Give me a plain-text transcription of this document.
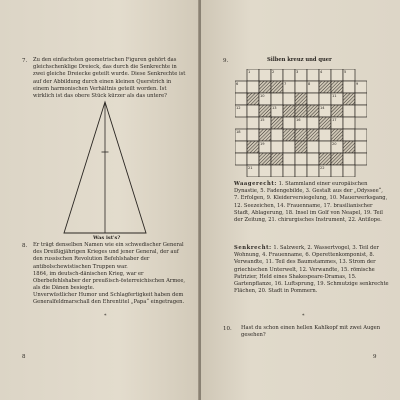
7. Zu den einfachsten geometrischen Figuren gehört das gleichschenklige Dreieck, das durch die Senkrechte in zwei gleiche Dreiecke geteilt wurde. Diese Senkrechte ist auf der Abbildung durch einen kleinen Querstrich in einem harmonischen Verhältnis geteilt worden. Ist wirklich ist das obere Stück kürzer als das untere?

Was ist's?
8. Er trägt denselben Namen wie ein schwedischer General des Dreißigjährigen Krieges und jener General, der auf den russischen Revolution Befehlshaber der antibolschewistischen Truppen war.

1864, im deutsch-dänischen Krieg, war er Oberbefehlshaber der preußisch-österreichischen Armee, als die Dänen besiegte.

Unverwüstlicher Humor und Schlagfertigkeit haben dem Generalfeldmarschall den Ehrentitel „Papa“ eingetragen.

*
8
9.	Silben kreuz und quer
1	2	3	4	5
6	7	8	9
10	11
12	13	14
15	16	17
18
19	20
21	22

Waagerecht: 1. Stammland einer europäischen Dynastie, 5. Fadengebilde, 3. Gestalt aus der „Odyssee“, 7. Erfolgen, 9. Kleiderversiegelung, 10. Mauerwerksgang, 12. Seezeichen, 14. Frauenname, 17. brasilianischer Stadt, Ablagerung, 18. Insel im Golf von Neapel, 19. Teil der Zeitung, 21. chirurgisches Instrument, 22. Antilope.

Senkrecht: 1. Salzwerk, 2. Wassertvogel, 3. Teil der Wohnung, 4. Frauenname, 6. Operettenkomponist, 8. Verwandte, 11. Teil des Baumstammes, 13. Strom der griechischen Unterwelt, 12. Verwandte, 15. römische Patrizier, Held eines Shakespeare-Dramas, 15. Gartenpflanze, 16. Luftsprung, 19. Schmutzige senkrechte Flächen, 20. Stadt in Pommern.

*
10. Hast du schon einen hellen Kahlkopf mit zwei Augen gesehen?

9
